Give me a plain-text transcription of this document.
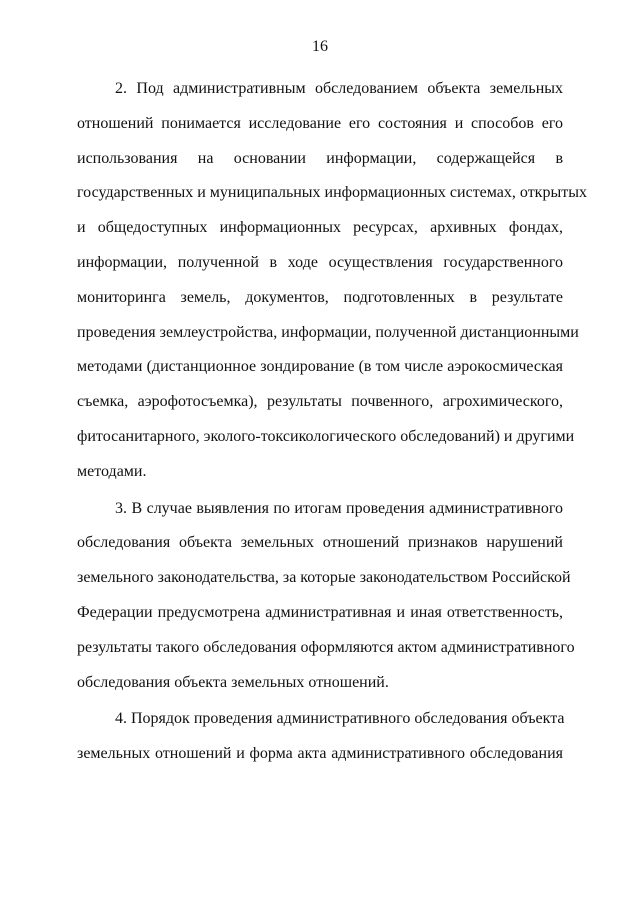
16
2. Под административным обследованием объекта земельных
отношений понимается исследование его состояния и способов его
использования на основании информации, содержащейся в
государственных и муниципальных информационных системах, открытых
и общедоступных информационных ресурсах, архивных фондах,
информации, полученной в ходе осуществления государственного
мониторинга земель, документов, подготовленных в результате
проведения землеустройства, информации, полученной дистанционными
методами (дистанционное зондирование (в том числе аэрокосмическая
съемка, аэрофотосъемка), результаты почвенного, агрохимического,
фитосанитарного, эколого-токсикологического обследований) и другими
методами.
3. В случае выявления по итогам проведения административного
обследования объекта земельных отношений признаков нарушений
земельного законодательства, за которые законодательством Российской
Федерации предусмотрена административная и иная ответственность,
результаты такого обследования оформляются актом административного
обследования объекта земельных отношений.
4. Порядок проведения административного обследования объекта
земельных отношений и форма акта административного обследования
